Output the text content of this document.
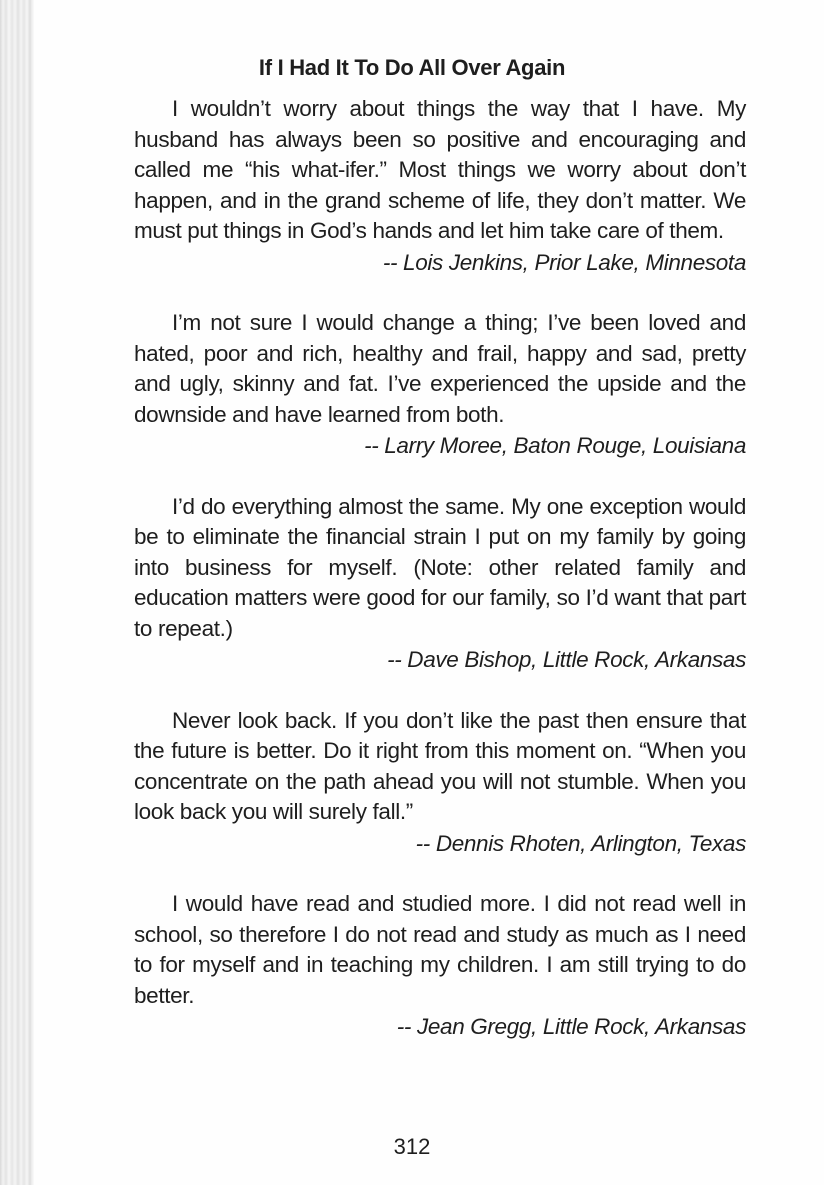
If I Had It To Do All Over Again

I wouldn’t worry about things the way that I have. My husband has always been so positive and encouraging and called me “his what-ifer.” Most things we worry about don’t happen, and in the grand scheme of life, they don’t matter. We must put things in God’s hands and let him take care of them.

-- Lois Jenkins, Prior Lake, Minnesota

I’m not sure I would change a thing; I’ve been loved and hated, poor and rich, healthy and frail, happy and sad, pretty and ugly, skinny and fat. I’ve experienced the upside and the downside and have learned from both.

-- Larry Moree, Baton Rouge, Louisiana

I’d do everything almost the same. My one exception would be to eliminate the financial strain I put on my family by going into business for myself. (Note: other related family and education matters were good for our family, so I’d want that part to repeat.)

-- Dave Bishop, Little Rock, Arkansas

Never look back. If you don’t like the past then ensure that the future is better. Do it right from this moment on. “When you concentrate on the path ahead you will not stumble. When you look back you will surely fall.”

-- Dennis Rhoten, Arlington, Texas

I would have read and studied more. I did not read well in school, so therefore I do not read and study as much as I need to for myself and in teaching my children. I am still trying to do better.

-- Jean Gregg, Little Rock, Arkansas
312
